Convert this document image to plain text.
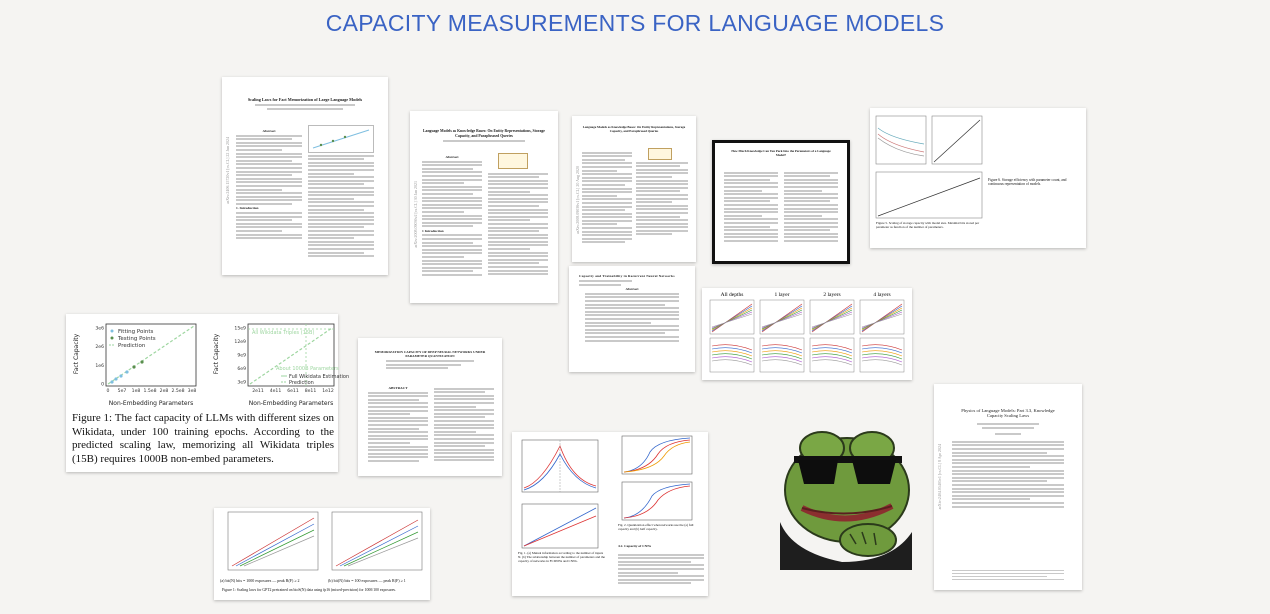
CAPACITY MEASUREMENTS FOR LANGUAGE MODELS
arXiv:2406.15720v1 [cs.CL] 22 Jun 2024
Scaling Laws for Fact Memorization of Large Language Models
Abstract
1. Introduction	arXiv:2008.09036v2 [cs.CL] 30 Jan 2021
Language Models as Knowledge Bases: On Entity Representations, Storage Capacity, and Paraphrased Queries
Abstract
1 Introduction	arXiv:2008.09036v1 [cs.CL] 20 Aug 2020
Language Models as Knowledge Bases: On Entity Representations, Storage Capacity, and Paraphrased Queries
How Much Knowledge Can You Pack Into the Parameters of a Language Model?
Figure 5. Scaling of storage capacity with model size. Maximal bits stored per parameter as function of the number of parameters.
Figure 6. Storage efficiency with parameter count, and continuous representation of models.
3e6
2e6
1e6
0
0 5e7 1e8 1.5e8 2e8 2.5e8 3e8
Fitting Points
Testing Points
Prediction
Fact Capacity
Non-Embedding Parameters
15e9
12e9
9e9
6e9
3e9
2e11 4e11 6e11 8e11 1e12
All Wikidata Triples (15B)
About 1000B Parameters
Full Wikidata Estimation
Prediction
Fact Capacity
Non-Embedding Parameters
Figure 1: The fact capacity of LLMs with different sizes on Wikidata, under 100 training epochs. According to the predicted scaling law, memorizing all Wikidata triples (15B) requires 1000B non-embed parameters.
Capacity and Trainability in Recurrent Neural Networks
Abstract
All depths	1 layer	2 layers	4 layers
MEMORIZATION CAPACITY OF DEEP NEURAL NETWORKS UNDER PARAMETER QUANTIZATION
ABSTRACT
Fig. 1. (a) Mutual information according to the number of inputs N. (b) The relationship between the number of parameters and the capacity of networks in FCDNNs and CNNs.
Fig. 2. Quantization effect when networks use the (a) full capacity and (b) half capacity.
4.2. Capacity of CNNs
arXiv:2404.05405v1 [cs.CL] 8 Apr 2024
Physics of Language Models: Part 3.3, Knowledge Capacity Scaling Laws
(a) bit(N) bits = 1000 exposures — peak R(F) ≥ 2	(b) bit(N) bits = 100 exposures — peak R(F) ≥ 1
Figure 1: Scaling laws for GPT2 pretrained on bioS(N) data using fp16 (mixed-precision) for 1000/100 exposures.
